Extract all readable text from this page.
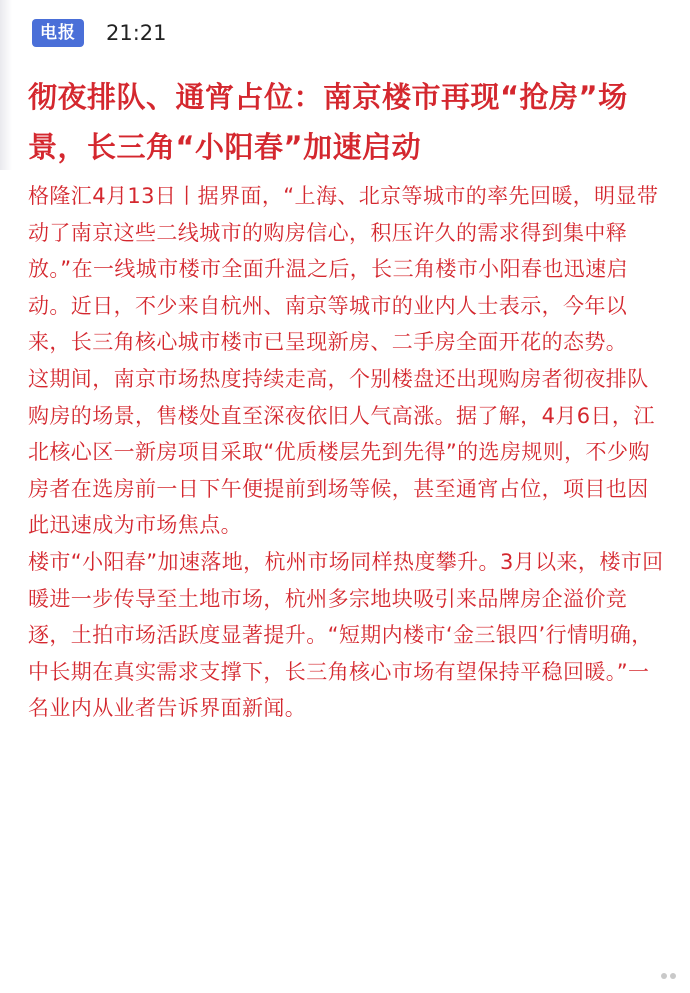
电报	21:21
彻夜排队、通宵占位：南京楼市再现“抢房”场景，长三角“小阳春”加速启动

格隆汇4月13日丨据界面，“上海、北京等城市的率先回暖，明显带动了南京这些二线城市的购房信心，积压许久的需求得到集中释放。”在一线城市楼市全面升温之后，长三角楼市小阳春也迅速启动。近日，不少来自杭州、南京等城市的业内人士表示，今年以来，长三角核心城市楼市已呈现新房、二手房全面开花的态势。

这期间，南京市场热度持续走高，个别楼盘还出现购房者彻夜排队购房的场景，售楼处直至深夜依旧人气高涨。据了解，4月6日，江北核心区一新房项目采取“优质楼层先到先得”的选房规则，不少购房者在选房前一日下午便提前到场等候，甚至通宵占位，项目也因此迅速成为市场焦点。

楼市“小阳春”加速落地，杭州市场同样热度攀升。3月以来，楼市回暖进一步传导至土地市场，杭州多宗地块吸引来品牌房企溢价竞逐，土拍市场活跃度显著提升。“短期内楼市‘金三银四’行情明确，中长期在真实需求支撑下，长三角核心市场有望保持平稳回暖。”一名业内从业者告诉界面新闻。
